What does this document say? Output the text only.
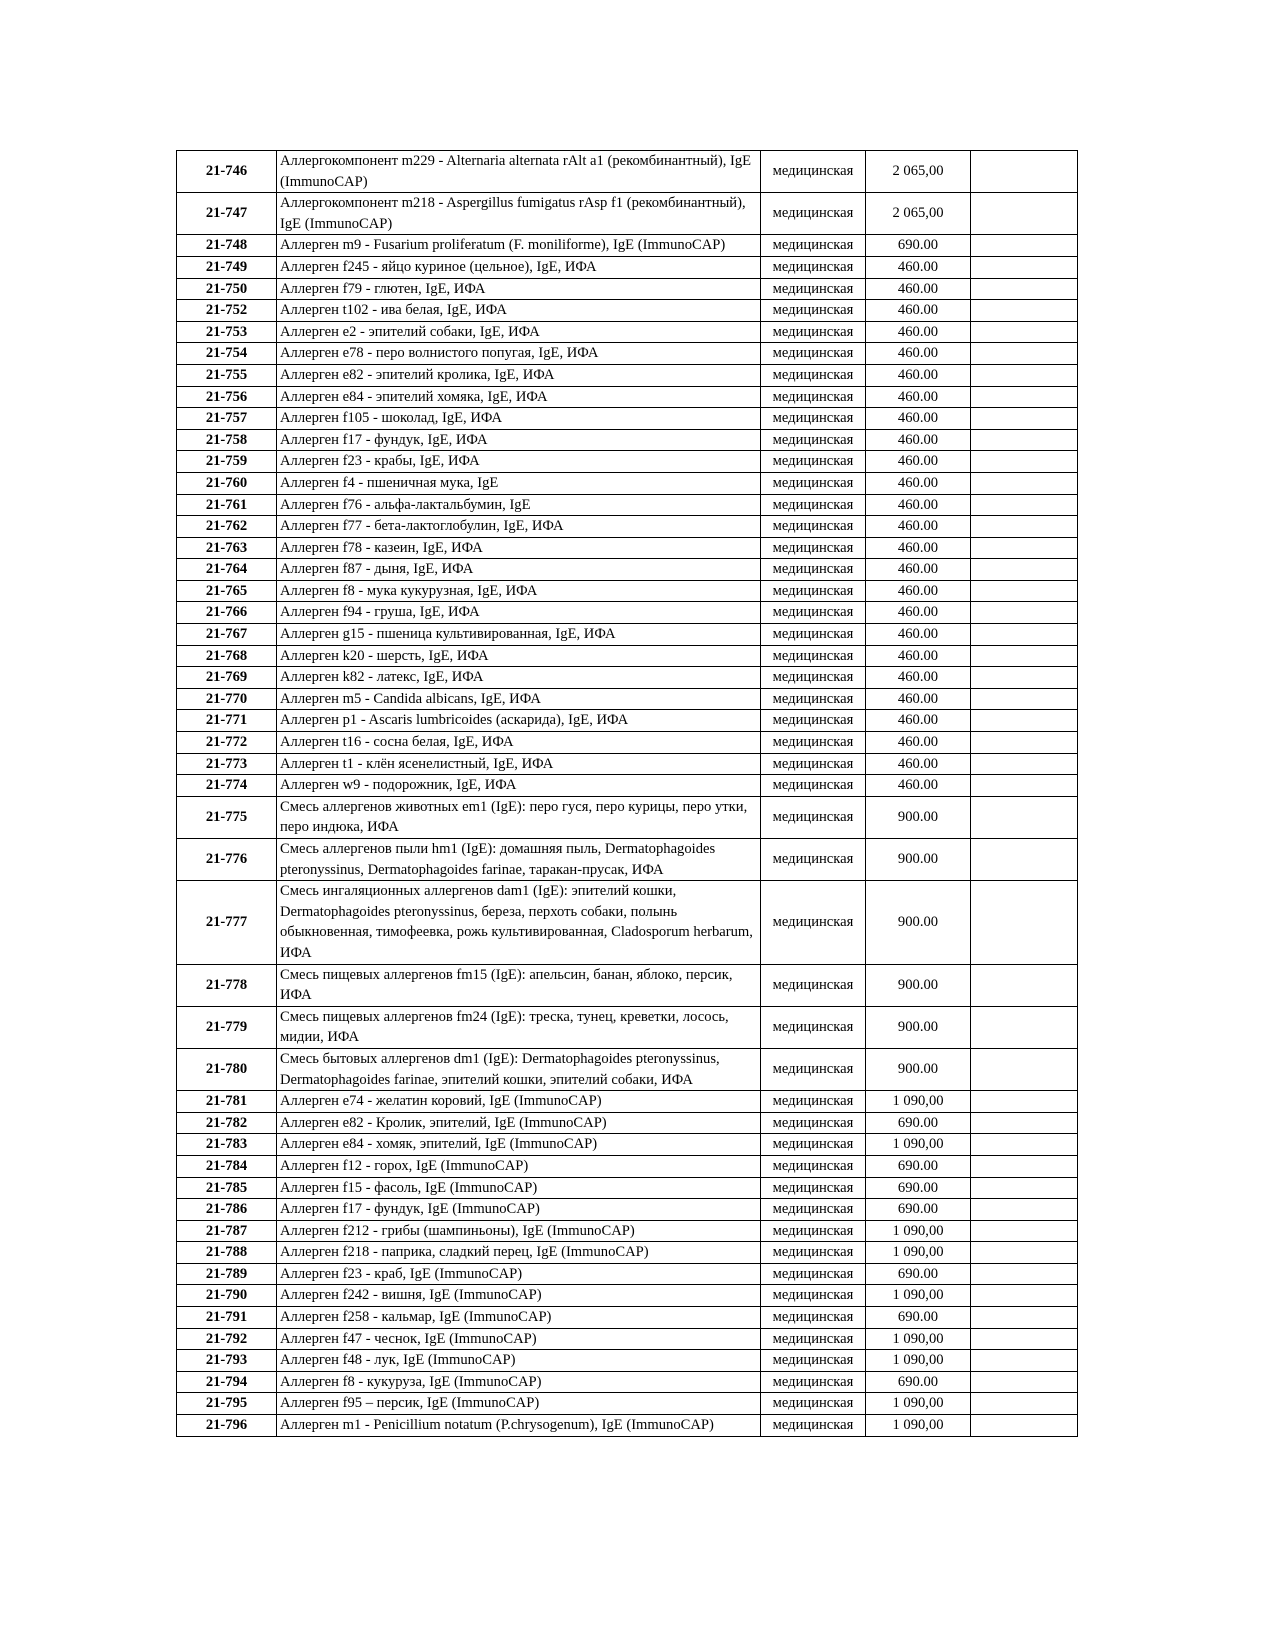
21-746	Аллергокомпонент m229 - Alternaria alternata rAlt a1 (рекомбинантный), IgE (ImmunoCAP)	медицинская	2 065,00	
21-747	Аллергокомпонент m218 - Aspergillus fumigatus rAsp f1 (рекомбинантный), IgE (ImmunoCAP)	медицинская	2 065,00	
21-748	Аллерген m9 - Fusarium proliferatum (F. moniliforme), IgE (ImmunoCAP)	медицинская	690.00	
21-749	Аллерген f245 - яйцо куриное (цельное), IgE, ИФА	медицинская	460.00	
21-750	Аллерген f79 - глютен, IgE, ИФА	медицинская	460.00	
21-752	Аллерген t102 - ива белая, IgE, ИФА	медицинская	460.00	
21-753	Аллерген e2 - эпителий собаки, IgE, ИФА	медицинская	460.00	
21-754	Аллерген e78 - перо волнистого попугая, IgE, ИФА	медицинская	460.00	
21-755	Аллерген e82 - эпителий кролика, IgE, ИФА	медицинская	460.00	
21-756	Аллерген e84 - эпителий хомяка, IgE, ИФА	медицинская	460.00	
21-757	Аллерген f105 - шоколад, IgE, ИФА	медицинская	460.00	
21-758	Аллерген f17 - фундук, IgE, ИФА	медицинская	460.00	
21-759	Аллерген f23 - крабы, IgE, ИФА	медицинская	460.00	
21-760	Аллерген f4 - пшеничная мука, IgE	медицинская	460.00	
21-761	Аллерген f76 - альфа-лактальбумин, IgE	медицинская	460.00	
21-762	Аллерген f77 - бета-лактоглобулин, IgE, ИФА	медицинская	460.00	
21-763	Аллерген f78 - казеин, IgE, ИФА	медицинская	460.00	
21-764	Аллерген f87 - дыня, IgE, ИФА	медицинская	460.00	
21-765	Аллерген f8 - мука кукурузная, IgE, ИФА	медицинская	460.00	
21-766	Аллерген f94 - груша, IgE, ИФА	медицинская	460.00	
21-767	Аллерген g15 - пшеница культивированная, IgE, ИФА	медицинская	460.00	
21-768	Аллерген k20 - шерсть, IgE, ИФА	медицинская	460.00	
21-769	Аллерген k82 - латекс, IgE, ИФА	медицинская	460.00	
21-770	Аллерген m5 - Candida albicans, IgE, ИФА	медицинская	460.00	
21-771	Аллерген p1 - Ascaris lumbricoides (аскарида), IgE, ИФА	медицинская	460.00	
21-772	Аллерген t16 - сосна белая, IgE, ИФА	медицинская	460.00	
21-773	Аллерген t1 - клён ясенелистный, IgE, ИФА	медицинская	460.00	
21-774	Аллерген w9 - подорожник, IgE, ИФА	медицинская	460.00	
21-775	Смесь аллергенов животных em1 (IgE): перо гуся, перо курицы, перо утки, перо индюка, ИФА	медицинская	900.00	
21-776	Смесь аллергенов пыли hm1 (IgE): домашняя пыль, Dermatophagoides pteronyssinus, Dermatophagoides farinae, таракан-прусак, ИФА	медицинская	900.00	
21-777	Смесь ингаляционных аллергенов dam1 (IgE): эпителий кошки, Dermatophagoides pteronyssinus, береза, перхоть собаки, полынь обыкновенная, тимофеевка, рожь культивированная, Cladosporum herbarum, ИФА	медицинская	900.00	
21-778	Смесь пищевых аллергенов fm15 (IgE): апельсин, банан, яблоко, персик, ИФА	медицинская	900.00	
21-779	Смесь пищевых аллергенов fm24 (IgE): треска, тунец, креветки, лосось, мидии, ИФА	медицинская	900.00	
21-780	Смесь бытовых аллергенов dm1 (IgE): Dermatophagoides pteronyssinus, Dermatophagoides farinae, эпителий кошки, эпителий собаки, ИФА	медицинская	900.00	
21-781	Аллерген e74 - желатин коровий, IgE (ImmunoCAP)	медицинская	1 090,00	
21-782	Аллерген e82 - Кролик, эпителий, IgE (ImmunoCAP)	медицинская	690.00	
21-783	Аллерген e84 - хомяк, эпителий, IgE (ImmunoCAP)	медицинская	1 090,00	
21-784	Аллерген f12 - горох, IgE (ImmunoCAP)	медицинская	690.00	
21-785	Аллерген f15 - фасоль, IgE (ImmunoCAP)	медицинская	690.00	
21-786	Аллерген f17 - фундук, IgE (ImmunoCAP)	медицинская	690.00	
21-787	Аллерген f212 - грибы (шампиньоны), IgE (ImmunoCAP)	медицинская	1 090,00	
21-788	Аллерген f218 - паприка, сладкий перец, IgE (ImmunoCAP)	медицинская	1 090,00	
21-789	Аллерген f23 - краб, IgE (ImmunoCAP)	медицинская	690.00	
21-790	Аллерген f242 - вишня, IgE (ImmunoCAP)	медицинская	1 090,00	
21-791	Аллерген f258 - кальмар, IgE (ImmunoCAP)	медицинская	690.00	
21-792	Аллерген f47 - чеснок, IgE (ImmunoCAP)	медицинская	1 090,00	
21-793	Аллерген f48 - лук, IgE (ImmunoCAP)	медицинская	1 090,00	
21-794	Аллерген f8 - кукуруза, IgE (ImmunoCAP)	медицинская	690.00	
21-795	Аллерген f95 – персик, IgE (ImmunoCAP)	медицинская	1 090,00	
21-796	Аллерген m1 - Penicillium notatum (P.chrysogenum), IgE (ImmunoCAP)	медицинская	1 090,00	
